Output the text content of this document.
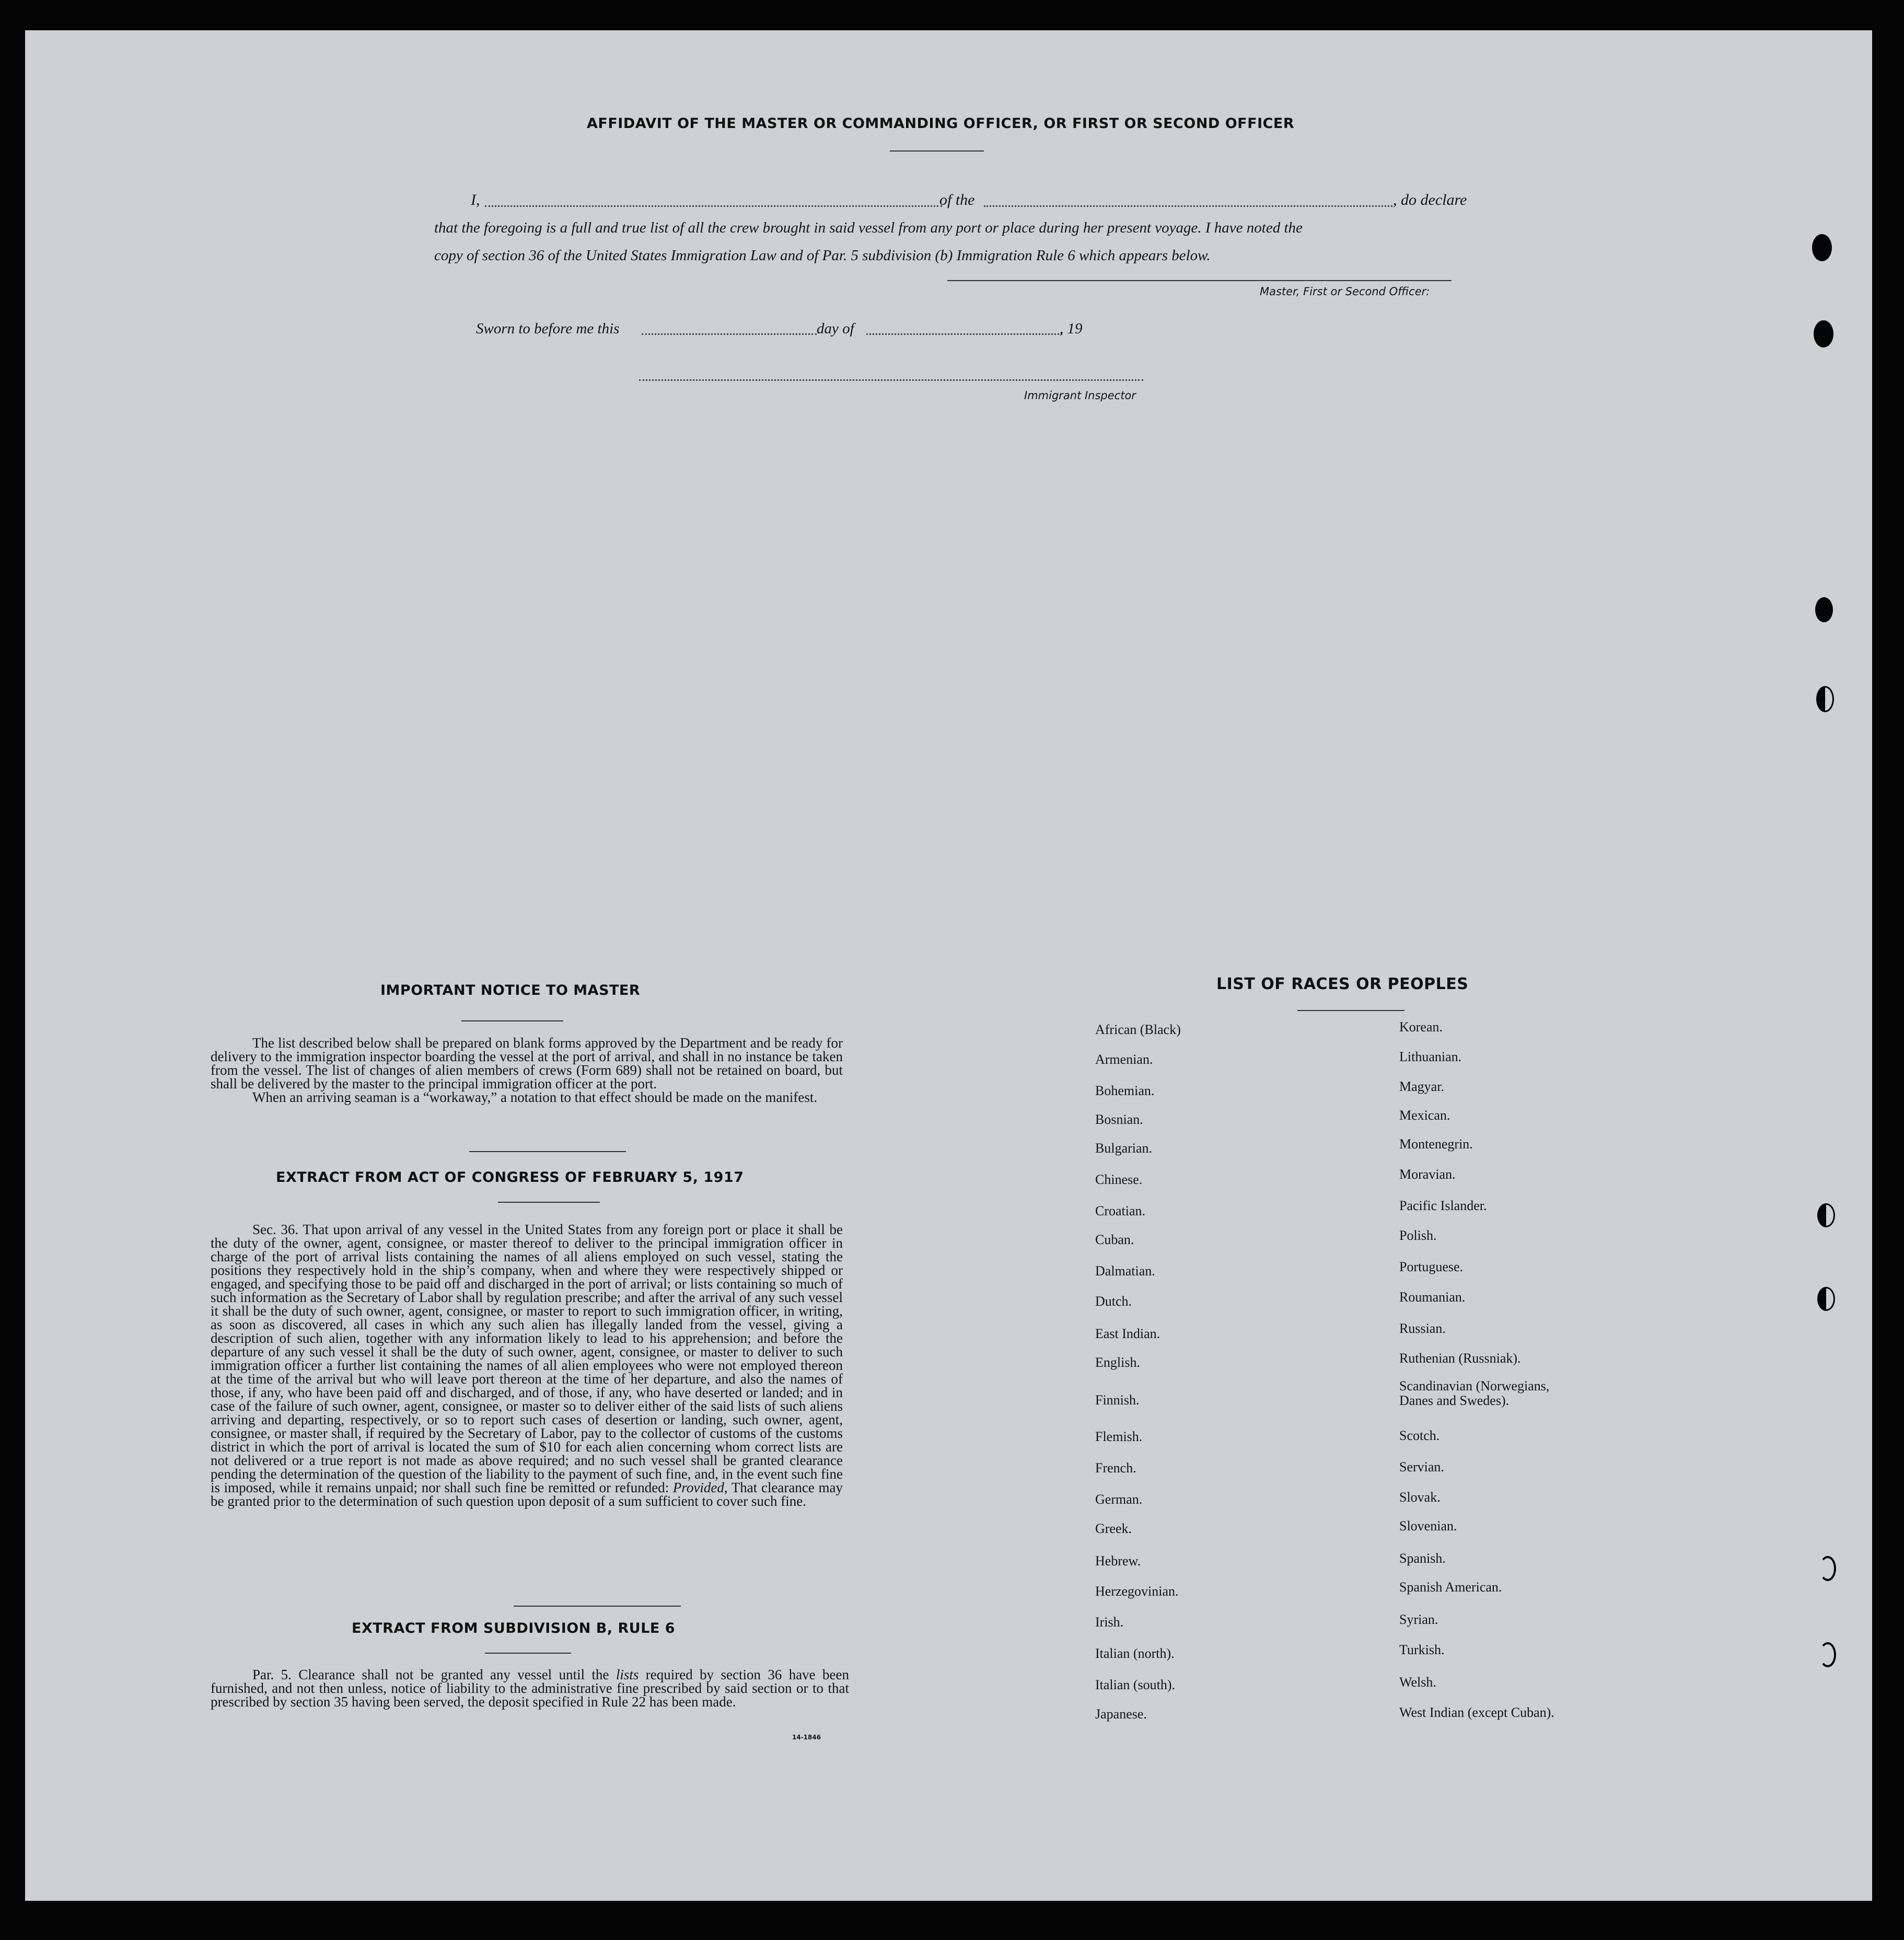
AFFIDAVIT OF THE MASTER OR COMMANDING OFFICER, OR FIRST OR SECOND OFFICER
I,	of the	, do declare
that the foregoing is a full and true list of all the crew brought in said vessel from any port or place during her present voyage. I have noted the
copy of section 36 of the United States Immigration Law and of Par. 5 subdivision (b) Immigration Rule 6 which appears below.
Master, First or Second Officer:
Sworn to before me this	day of	, 19
Immigrant Inspector
IMPORTANT NOTICE TO MASTER

The list described below shall be prepared on blank forms approved by the Department and be ready for delivery to the immigration inspector boarding the vessel at the port of arrival, and shall in no instance be taken from the vessel. The list of changes of alien members of crews (Form 689) shall not be retained on board, but shall be delivered by the master to the principal immigration officer at the port.

When an arriving seaman is a “workaway,” a notation to that effect should be made on the manifest.

EXTRACT FROM ACT OF CONGRESS OF FEBRUARY 5, 1917

Sec. 36. That upon arrival of any vessel in the United States from any foreign port or place it shall be the duty of the owner, agent, consignee, or master thereof to deliver to the principal immigration officer in charge of the port of arrival lists containing the names of all aliens employed on such vessel, stating the positions they respectively hold in the ship’s company, when and where they were respectively shipped or engaged, and specifying those to be paid off and discharged in the port of arrival; or lists containing so much of such information as the Secretary of Labor shall by regulation prescribe; and after the arrival of any such vessel it shall be the duty of such owner, agent, consignee, or master to report to such immigration officer, in writing, as soon as discovered, all cases in which any such alien has illegally landed from the vessel, giving a description of such alien, together with any information likely to lead to his apprehension; and before the departure of any such vessel it shall be the duty of such owner, agent, consignee, or master to deliver to such immigration officer a further list containing the names of all alien employees who were not employed thereon at the time of the arrival but who will leave port thereon at the time of her departure, and also the names of those, if any, who have been paid off and discharged, and of those, if any, who have deserted or landed; and in case of the failure of such owner, agent, consignee, or master so to deliver either of the said lists of such aliens arriving and departing, respectively, or so to report such cases of desertion or landing, such owner, agent, consignee, or master shall, if required by the Secretary of Labor, pay to the collector of customs of the customs district in which the port of arrival is located the sum of $10 for each alien concerning whom correct lists are not delivered or a true report is not made as above required; and no such vessel shall be granted clearance pending the determination of the question of the liability to the payment of such fine, and, in the event such fine is imposed, while it remains unpaid; nor shall such fine be remitted or refunded: Provided, That clearance may be granted prior to the determination of such question upon deposit of a sum sufficient to cover such fine.

EXTRACT FROM SUBDIVISION B, RULE 6

Par. 5. Clearance shall not be granted any vessel until the lists required by section 36 have been furnished, and not then unless, notice of liability to the administrative fine prescribed by said section or to that prescribed by section 35 having been served, the deposit specified in Rule 22 has been made.

14-1846
LIST OF RACES OR PEOPLES
African (Black)
Armenian.
Bohemian.
Bosnian.
Bulgarian.
Chinese.
Croatian.
Cuban.
Dalmatian.
Dutch.
East Indian.
English.
Finnish.
Flemish.
French.
German.
Greek.
Hebrew.
Herzegovinian.
Irish.
Italian (north).
Italian (south).
Japanese.
Korean.
Lithuanian.
Magyar.
Mexican.
Montenegrin.
Moravian.
Pacific Islander.
Polish.
Portuguese.
Roumanian.
Russian.
Ruthenian (Russniak).
Scandinavian (Norwegians,
Danes and Swedes).
Scotch.
Servian.
Slovak.
Slovenian.
Spanish.
Spanish American.
Syrian.
Turkish.
Welsh.
West Indian (except Cuban).
